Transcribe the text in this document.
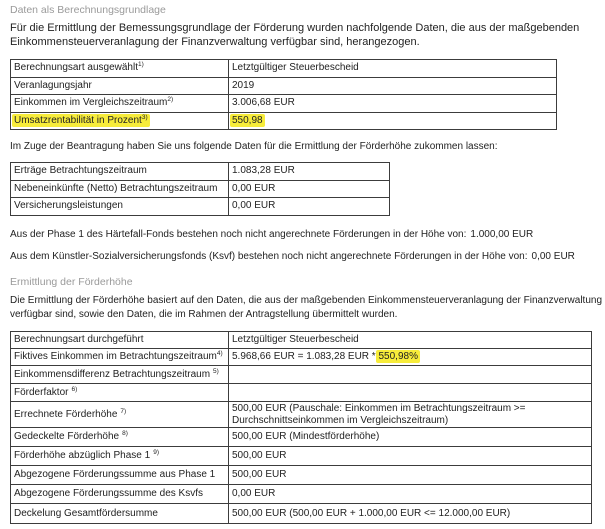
Daten als Berechnungsgrundlage
Für die Ermittlung der Bemessungsgrundlage der Förderung wurden nachfolgende Daten, die aus der maßgebenden Einkommensteuerveranlagung der Finanzverwaltung verfügbar sind, herangezogen.
Berechnungsart ausgewählt$^{1)}$	Letztgültiger Steuerbescheid
Veranlagungsjahr	2019
Einkommen im Vergleichszeitraum$^{2)}$	3.006,68 EUR
Umsatzrentabilität in Prozent$^{3)}$	550,98
Im Zuge der Beantragung haben Sie uns folgende Daten für die Ermittlung der Förderhöhe zukommen lassen:
Erträge Betrachtungszeitraum	1.083,28 EUR
Nebeneinkünfte (Netto) Betrachtungszeitraum	0,00 EUR
Versicherungsleistungen	0,00 EUR
Aus der Phase 1 des Härtefall-Fonds bestehen noch nicht angerechnete Förderungen in der Höhe von: 1.000,00 EUR
Aus dem Künstler-Sozialversicherungsfonds (Ksvf) bestehen noch nicht angerechnete Förderungen in der Höhe von: 0,00 EUR
Ermittlung der Förderhöhe
Die Ermittlung der Förderhöhe basiert auf den Daten, die aus der maßgebenden Einkommensteuerveranlagung der Finanzverwaltung verfügbar sind, sowie den Daten, die im Rahmen der Antragstellung übermittelt wurden.
Berechnungsart durchgeführt	Letztgültiger Steuerbescheid
Fiktives Einkommen im Betrachtungszeitraum$^{4)}$	5.968,66 EUR = 1.083,28 EUR * 550,98%
Einkommensdifferenz Betrachtungszeitraum $^{5)}$	
Förderfaktor $^{6)}$	
Errechnete Förderhöhe $^{7)}$	500,00 EUR (Pauschale: Einkommen im Betrachtungszeitraum >= Durchschnittseinkommen im Vergleichszeitraum)
Gedeckelte Förderhöhe $^{8)}$	500,00 EUR (Mindestförderhöhe)
Förderhöhe abzüglich Phase 1 $^{9)}$	500,00 EUR
Abgezogene Förderungssumme aus Phase 1	500,00 EUR
Abgezogene Förderungssumme des Ksvfs	0,00 EUR
Deckelung Gesamtfördersumme	500,00 EUR (500,00 EUR + 1.000,00 EUR <= 12.000,00 EUR)
